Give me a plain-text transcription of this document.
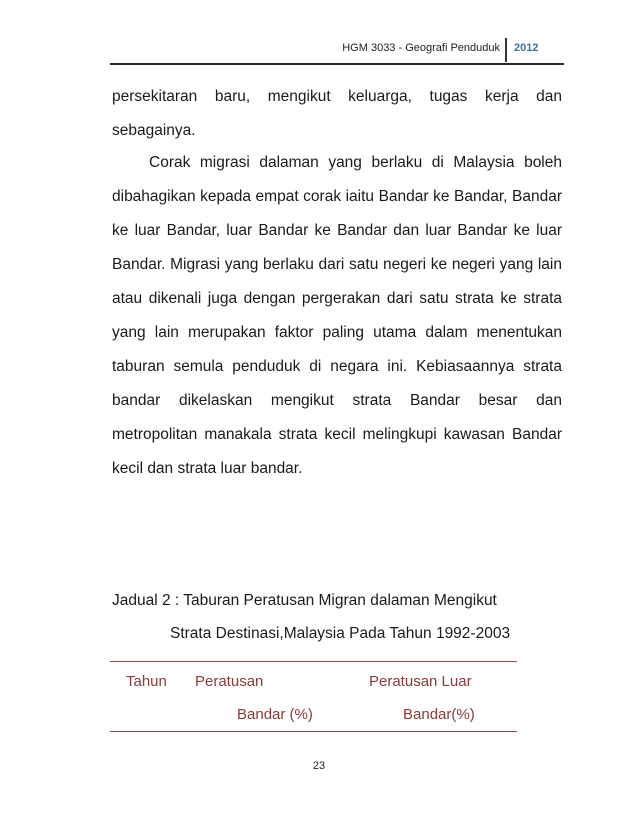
HGM 3033 - Geografi Penduduk 2012
persekitaran baru, mengikut keluarga, tugas kerja dan sebagainya.
Corak migrasi dalaman yang berlaku di Malaysia boleh dibahagikan kepada empat corak iaitu Bandar ke Bandar, Bandar ke luar Bandar, luar Bandar ke Bandar dan luar Bandar ke luar Bandar. Migrasi yang berlaku dari satu negeri ke negeri yang lain atau dikenali juga dengan pergerakan dari satu strata ke strata yang lain merupakan faktor paling utama dalam menentukan taburan semula penduduk di negara ini. Kebiasaannya strata bandar dikelaskan mengikut strata Bandar besar dan metropolitan manakala strata kecil melingkupi kawasan Bandar kecil dan strata luar bandar.
Jadual 2 : Taburan Peratusan Migran dalaman Mengikut
Strata Destinasi,Malaysia Pada Tahun 1992-2003
Tahun Peratusan
Bandar (%)
Peratusan Luar
Bandar(%)
23
